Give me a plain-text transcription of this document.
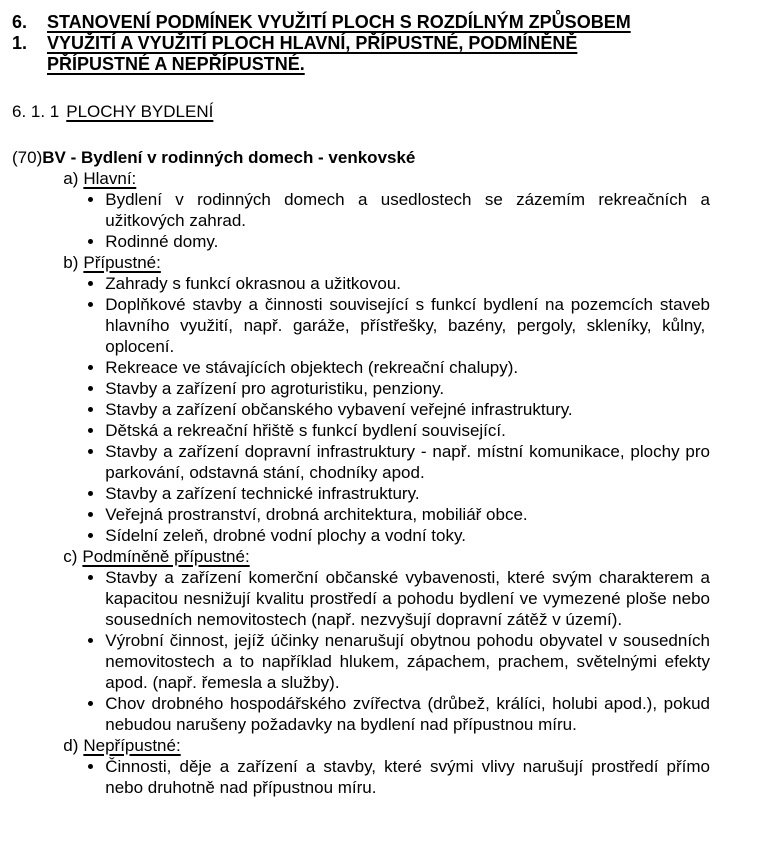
6. 1.
STANOVENÍ PODMÍNEK VYUŽITÍ PLOCH S ROZDÍLNÝM ZPŮSOBEM
VYUŽITÍ A VYUŽITÍ PLOCH HLAVNÍ, PŘÍPUSTNÉ, PODMÍNĚNĚ
PŘÍPUSTNÉ A NEPŘÍPUSTNÉ.
6. 1. 1 PLOCHY BYDLENÍ
(70) BV - Bydlení v rodinných domech - venkovské
a) Hlavní:

Bydlení v rodinných domech a usedlostech se zázemím rekreačních a užitkových zahrad.

Rodinné domy.

b) Přípustné:

Zahrady s funkcí okrasnou a užitkovou.

Doplňkové stavby a činnosti související s funkcí bydlení na pozemcích staveb hlavního využití, např. garáže, přístřešky, bazény, pergoly, skleníky, kůlny,  oplocení.

Rekreace ve stávajících objektech (rekreační chalupy).

Stavby a zařízení pro agroturistiku, penziony.

Stavby a zařízení občanského vybavení veřejné infrastruktury.

Dětská a rekreační hřiště s funkcí bydlení související.

Stavby a zařízení dopravní infrastruktury - např. místní komunikace, plochy pro parkování, odstavná stání, chodníky apod.

Stavby a zařízení technické infrastruktury.

Veřejná prostranství, drobná architektura, mobiliář obce.

Sídelní zeleň, drobné vodní plochy a vodní toky.

c) Podmíněně přípustné:

Stavby a zařízení komerční občanské vybavenosti, které svým charakterem a kapacitou nesnižují kvalitu prostředí a pohodu bydlení ve vymezené ploše nebo sousedních nemovitostech (např. nezvyšují dopravní zátěž v území).

Výrobní činnost, jejíž účinky nenarušují obytnou pohodu obyvatel v sousedních nemovitostech a to například hlukem, zápachem, prachem, světelnými efekty apod. (např. řemesla a služby).

Chov drobného hospodářského zvířectva (drůbež, králíci, holubi apod.), pokud nebudou narušeny požadavky na bydlení nad přípustnou míru.

d) Nepřípustné:

Činnosti, děje a zařízení a stavby, které svými vlivy narušují prostředí přímo nebo druhotně nad přípustnou míru.
